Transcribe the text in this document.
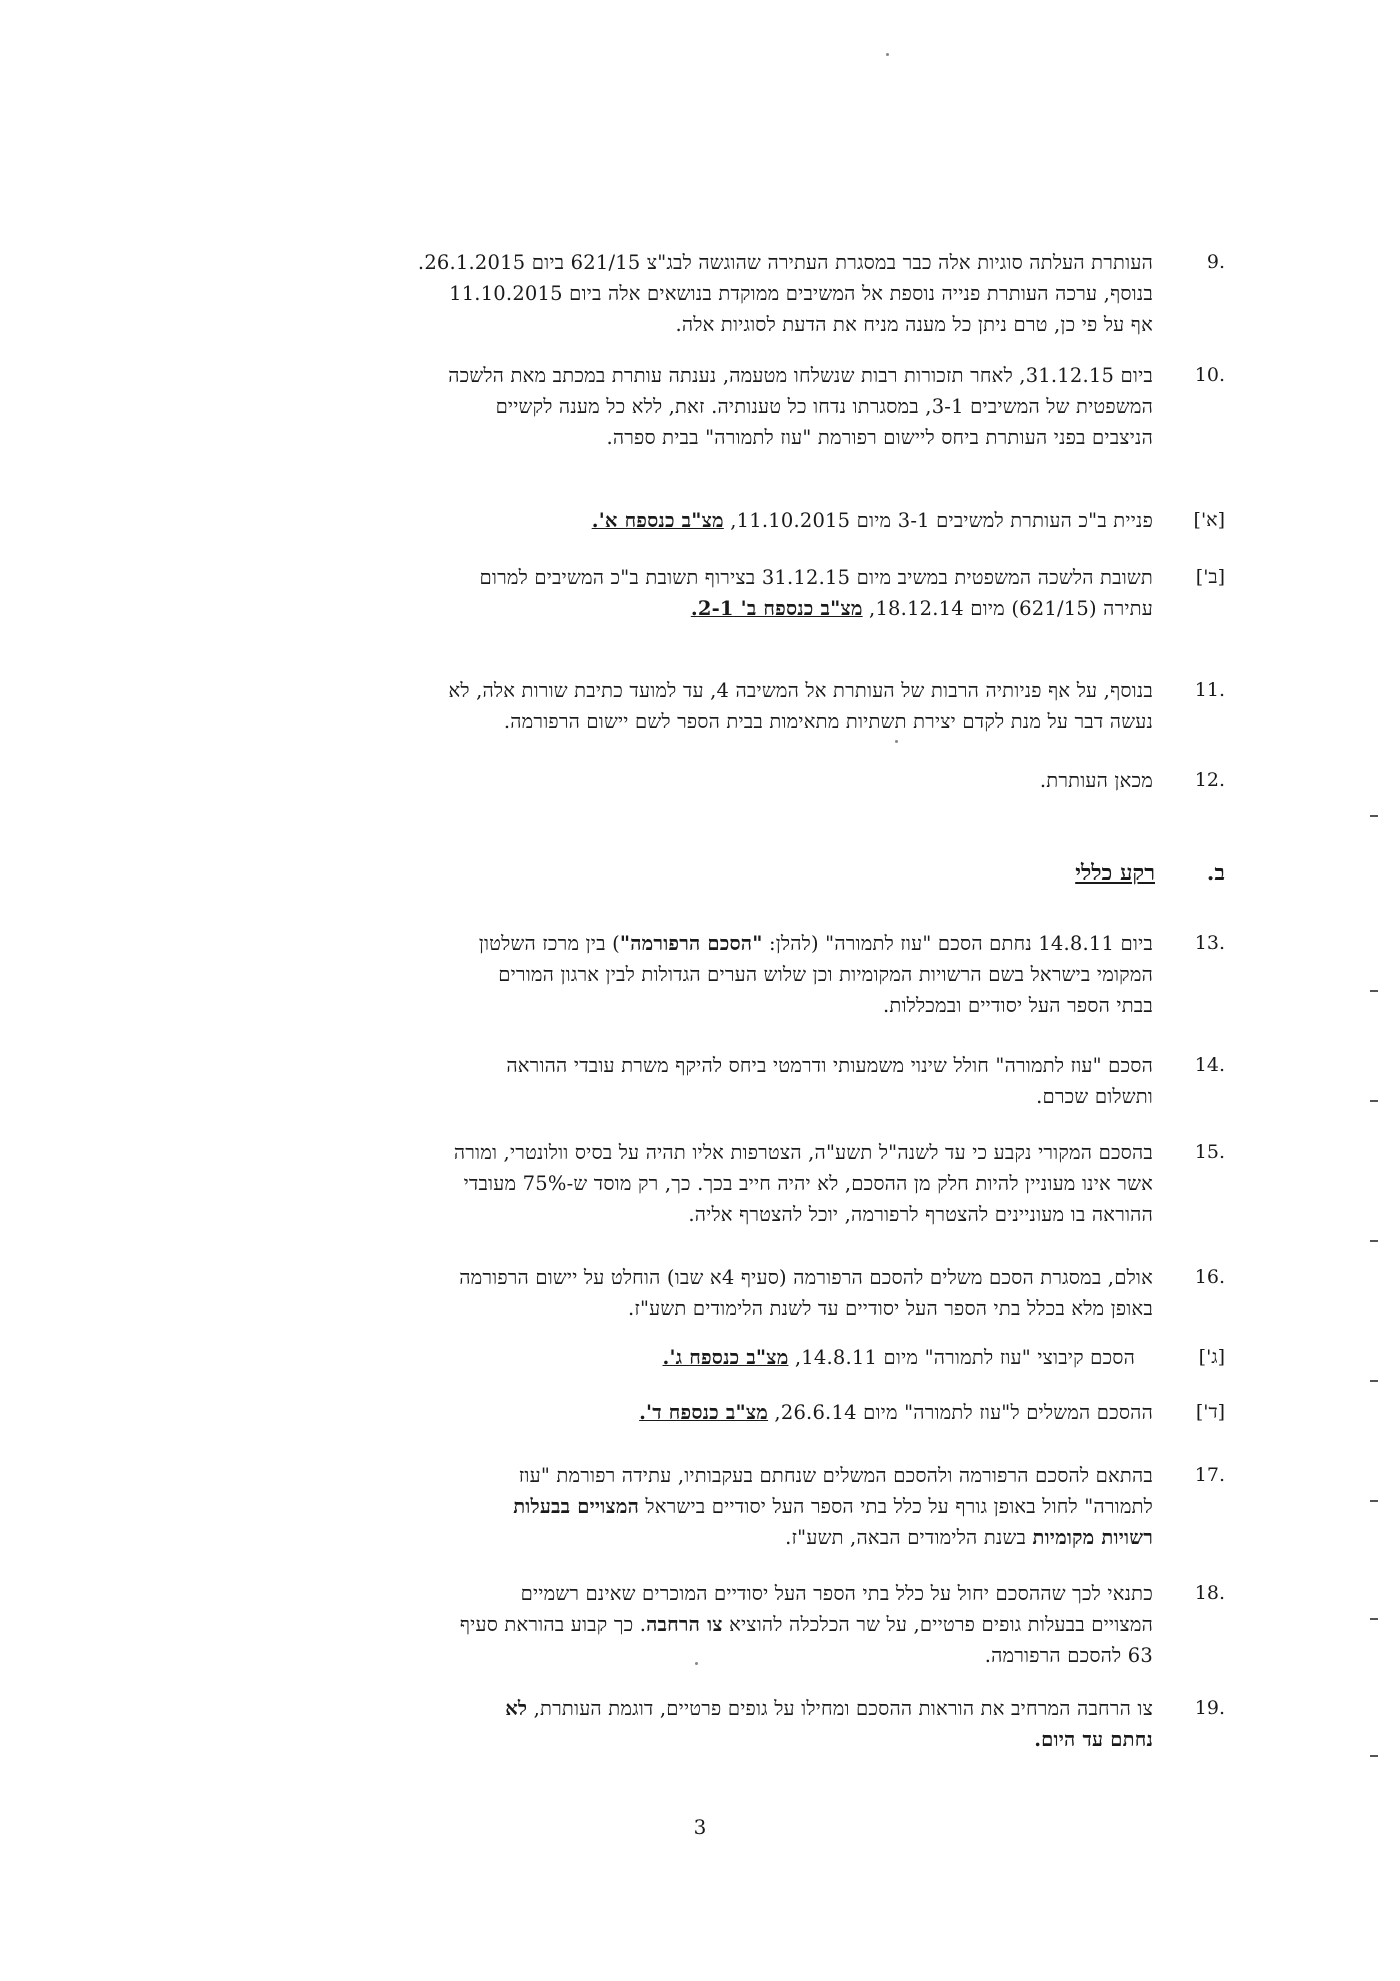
.9
העותרת העלתה סוגיות אלה כבר במסגרת העתירה שהוגשה לבג"צ 621/15 ביום 26.1.2015.
בנוסף, ערכה העותרת פנייה נוספת אל המשיבים ממוקדת בנושאים אלה ביום 11.10.2015
אף על פי כן, טרם ניתן כל מענה מניח את הדעת לסוגיות אלה.
.10
ביום 31.12.15, לאחר תזכורות רבות שנשלחו מטעמה, נענתה עותרת במכתב מאת הלשכה
המשפטית של המשיבים 3-1, במסגרתו נדחו כל טענותיה. זאת, ללא כל מענה לקשיים
הניצבים בפני העותרת ביחס ליישום רפורמת "עוז לתמורה" בבית ספרה.
[א']
פניית ב"כ העותרת למשיבים 3-1 מיום 11.10.2015, מצ"ב כנספח א'.
[ב']
תשובת הלשכה המשפטית במשיב מיום 31.12.15 בצירוף תשובת ב"כ המשיבים למרום
עתירה (621/15) מיום 18.12.14, מצ"ב כנספח ב' 2-1.
.11
בנוסף, על אף פניותיה הרבות של העותרת אל המשיבה 4, עד למועד כתיבת שורות אלה, לא
נעשה דבר על מנת לקדם יצירת תשתיות מתאימות בבית הספר לשם יישום הרפורמה.
.12
מכאן העותרת.
ב.
רקע כללי
.13
ביום 14.8.11 נחתם הסכם "עוז לתמורה" (להלן: "הסכם הרפורמה") בין מרכז השלטון
המקומי בישראל בשם הרשויות המקומיות וכן שלוש הערים הגדולות לבין ארגון המורים
בבתי הספר העל יסודיים ובמכללות.
.14
הסכם "עוז לתמורה" חולל שינוי משמעותי ודרמטי ביחס להיקף משרת עובדי ההוראה
ותשלום שכרם.
.15
בהסכם המקורי נקבע כי עד לשנה"ל תשע"ה, הצטרפות אליו תהיה על בסיס וולונטרי, ומורה
אשר אינו מעוניין להיות חלק מן ההסכם, לא יהיה חייב בכך. כך, רק מוסד ש-75% מעובדי
ההוראה בו מעוניינים להצטרף לרפורמה, יוכל להצטרף אליה.
.16
אולם, במסגרת הסכם משלים להסכם הרפורמה (סעיף 4א שבו) הוחלט על יישום הרפורמה
באופן מלא בכלל בתי הספר העל יסודיים עד לשנת הלימודים תשע"ז.
[ג']
הסכם קיבוצי "עוז לתמורה" מיום 14.8.11, מצ"ב כנספח ג'.
[ד']
ההסכם המשלים ל"עוז לתמורה" מיום 26.6.14, מצ"ב כנספח ד'.
.17
בהתאם להסכם הרפורמה ולהסכם המשלים שנחתם בעקבותיו, עתידה רפורמת "עוז
לתמורה" לחול באופן גורף על כלל בתי הספר העל יסודיים בישראל המצויים בבעלות
רשויות מקומיות בשנת הלימודים הבאה, תשע"ז.
.18
כתנאי לכך שההסכם יחול על כלל בתי הספר העל יסודיים המוכרים שאינם רשמיים
המצויים בבעלות גופים פרטיים, על שר הכלכלה להוציא צו הרחבה. כך קבוע בהוראת סעיף
63 להסכם הרפורמה.
.19
צו הרחבה המרחיב את הוראות ההסכם ומחילו על גופים פרטיים, דוגמת העותרת, לא
נחתם עד היום.
3
